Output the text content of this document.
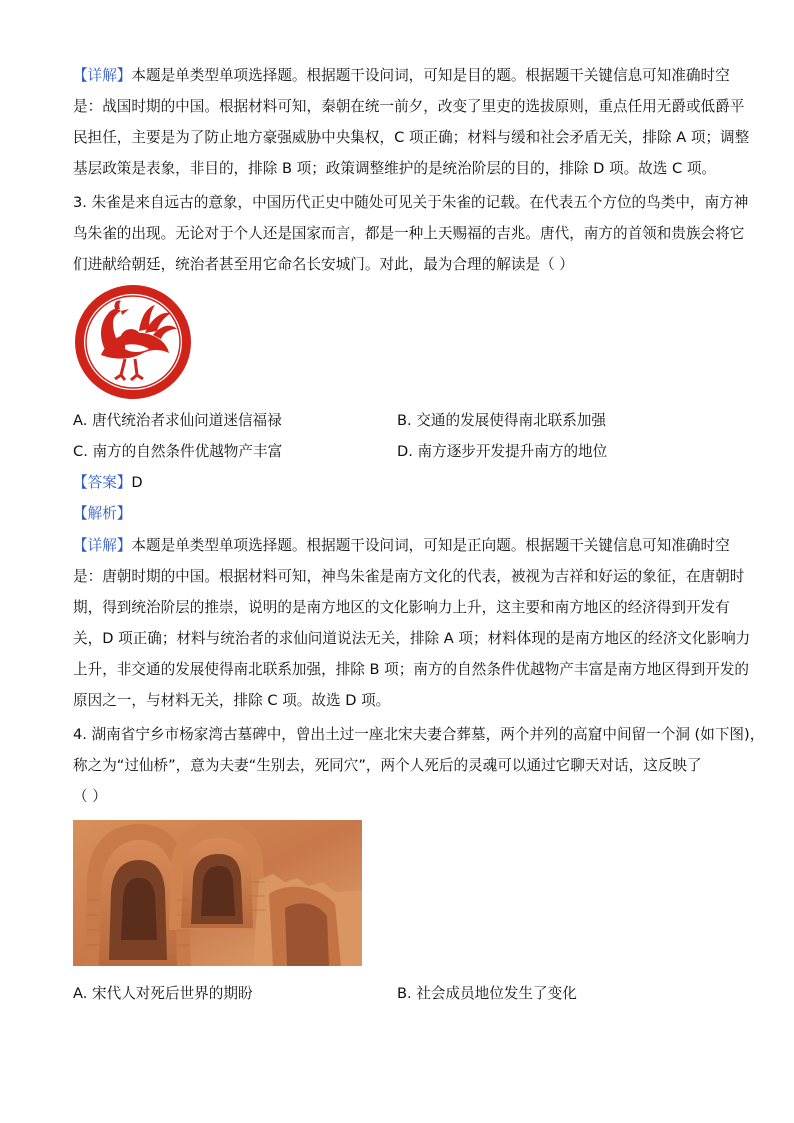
【详解】本题是单类型单项选择题。根据题干设问词，可知是目的题。根据题干关键信息可知准确时空
是：战国时期的中国。根据材料可知，秦朝在统一前夕，改变了里吏的选拔原则，重点任用无爵或低爵平
民担任，主要是为了防止地方豪强威胁中央集权，C 项正确；材料与缓和社会矛盾无关，排除 A 项；调整
基层政策是表象，非目的，排除 B 项；政策调整维护的是统治阶层的目的，排除 D 项。故选 C 项。
3. 朱雀是来自远古的意象，中国历代正史中随处可见关于朱雀的记载。在代表五个方位的鸟类中，南方神
鸟朱雀的出现。无论对于个人还是国家而言，都是一种上天赐福的吉兆。唐代，南方的首领和贵族会将它
们进献给朝廷，统治者甚至用它命名长安城门。对此，最为合理的解读是（ ）
A. 唐代统治者求仙问道迷信福禄	B. 交通的发展使得南北联系加强
C. 南方的自然条件优越物产丰富	D. 南方逐步开发提升南方的地位
【答案】D
【解析】
【详解】本题是单类型单项选择题。根据题干设问词，可知是正向题。根据题干关键信息可知准确时空
是：唐朝时期的中国。根据材料可知，神鸟朱雀是南方文化的代表，被视为吉祥和好运的象征，在唐朝时
期，得到统治阶层的推崇，说明的是南方地区的文化影响力上升，这主要和南方地区的经济得到开发有
关，D 项正确；材料与统治者的求仙问道说法无关，排除 A 项；材料体现的是南方地区的经济文化影响力
上升，非交通的发展使得南北联系加强，排除 B 项；南方的自然条件优越物产丰富是南方地区得到开发的
原因之一，与材料无关，排除 C 项。故选 D 项。
4. 湖南省宁乡市杨家湾古墓碑中，曾出土过一座北宋夫妻合葬墓，两个并列的高窟中间留一个洞 (如下图)，
称之为“过仙桥”，意为夫妻“生别去，死同穴”，两个人死后的灵魂可以通过它聊天对话，这反映了
（ ）
A. 宋代人对死后世界的期盼	B. 社会成员地位发生了变化
